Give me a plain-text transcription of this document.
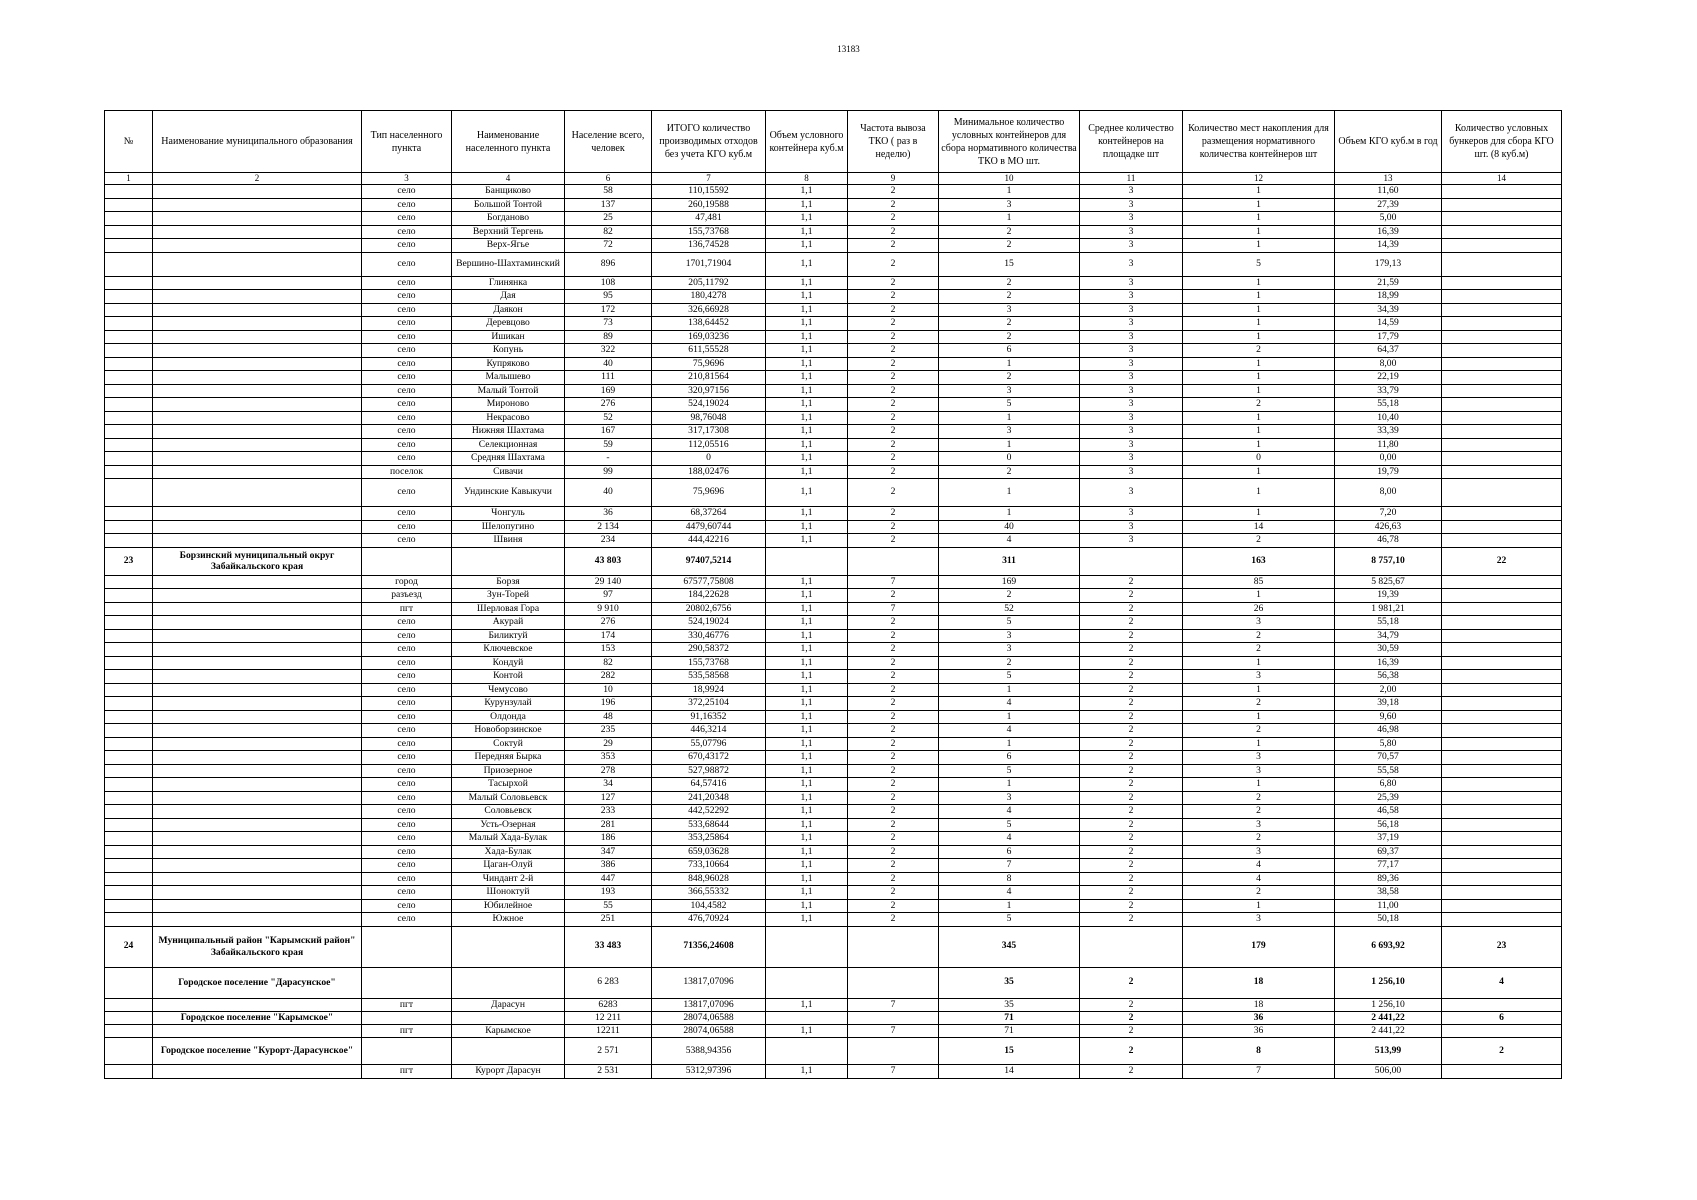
13183
№	Наименование муниципального образования	Тип населенного пункта	Наименование населенного пункта	Население всего, человек	ИТОГО количество производимых отходов без учета КГО куб.м	Объем условного контейнера куб.м	Частота вывоза ТКО ( раз в неделю)	Минимальное количество условных контейнеров для сбора нормативного количества ТКО в МО шт.	Среднее количество контейнеров на площадке шт	Количество мест накопления для размещения нормативного количества контейнеров шт	Объем КГО куб.м в год	Количество условных бункеров для сбора КГО шт. (8 куб.м)
1	2	3	4	6	7	8	9	10	11	12	13	14
		село	Банщиково	58	110,15592	1,1	2	1	3	1	11,60	
		село	Большой Тонтой	137	260,19588	1,1	2	3	3	1	27,39	
		село	Богданово	25	47,481	1,1	2	1	3	1	5,00	
		село	Верхний Тергень	82	155,73768	1,1	2	2	3	1	16,39	
		село	Верх-Ягье	72	136,74528	1,1	2	2	3	1	14,39	
		село	Вершино-Шахтаминский	896	1701,71904	1,1	2	15	3	5	179,13	
		село	Глинянка	108	205,11792	1,1	2	2	3	1	21,59	
		село	Дая	95	180,4278	1,1	2	2	3	1	18,99	
		село	Даякон	172	326,66928	1,1	2	3	3	1	34,39	
		село	Деревцово	73	138,64452	1,1	2	2	3	1	14,59	
		село	Ишикан	89	169,03236	1,1	2	2	3	1	17,79	
		село	Копунь	322	611,55528	1,1	2	6	3	2	64,37	
		село	Купряково	40	75,9696	1,1	2	1	3	1	8,00	
		село	Малышево	111	210,81564	1,1	2	2	3	1	22,19	
		село	Малый Тонтой	169	320,97156	1,1	2	3	3	1	33,79	
		село	Мироново	276	524,19024	1,1	2	5	3	2	55,18	
		село	Некрасово	52	98,76048	1,1	2	1	3	1	10,40	
		село	Нижняя Шахтама	167	317,17308	1,1	2	3	3	1	33,39	
		село	Селекционная	59	112,05516	1,1	2	1	3	1	11,80	
		село	Средняя Шахтама	-	0	1,1	2	0	3	0	0,00	
		поселок	Сивачи	99	188,02476	1,1	2	2	3	1	19,79	
		село	Ундинские Кавыкучи	40	75,9696	1,1	2	1	3	1	8,00	
		село	Чонгуль	36	68,37264	1,1	2	1	3	1	7,20	
		село	Шелопугино	2 134	4479,60744	1,1	2	40	3	14	426,63	
		село	Швиня	234	444,42216	1,1	2	4	3	2	46,78	
23	Борзинский муниципальный округ Забайкальского края			43 803	97407,5214			311		163	8 757,10	22
		город	Борзя	29 140	67577,75808	1,1	7	169	2	85	5 825,67	
		разъезд	Зун-Торей	97	184,22628	1,1	2	2	2	1	19,39	
		пгт	Шерловая Гора	9 910	20802,6756	1,1	7	52	2	26	1 981,21	
		село	Акурай	276	524,19024	1,1	2	5	2	3	55,18	
		село	Биликтуй	174	330,46776	1,1	2	3	2	2	34,79	
		село	Ключевское	153	290,58372	1,1	2	3	2	2	30,59	
		село	Кондуй	82	155,73768	1,1	2	2	2	1	16,39	
		село	Контой	282	535,58568	1,1	2	5	2	3	56,38	
		село	Чемусово	10	18,9924	1,1	2	1	2	1	2,00	
		село	Курунзулай	196	372,25104	1,1	2	4	2	2	39,18	
		село	Олдонда	48	91,16352	1,1	2	1	2	1	9,60	
		село	Новоборзинское	235	446,3214	1,1	2	4	2	2	46,98	
		село	Соктуй	29	55,07796	1,1	2	1	2	1	5,80	
		село	Передняя Бырка	353	670,43172	1,1	2	6	2	3	70,57	
		село	Приозерное	278	527,98872	1,1	2	5	2	3	55,58	
		село	Тасырхой	34	64,57416	1,1	2	1	2	1	6,80	
		село	Малый Соловьевск	127	241,20348	1,1	2	3	2	2	25,39	
		село	Соловьевск	233	442,52292	1,1	2	4	2	2	46,58	
		село	Усть-Озерная	281	533,68644	1,1	2	5	2	3	56,18	
		село	Малый Хада-Булак	186	353,25864	1,1	2	4	2	2	37,19	
		село	Хада-Булак	347	659,03628	1,1	2	6	2	3	69,37	
		село	Цаган-Олуй	386	733,10664	1,1	2	7	2	4	77,17	
		село	Чиндант 2-й	447	848,96028	1,1	2	8	2	4	89,36	
		село	Шоноктуй	193	366,55332	1,1	2	4	2	2	38,58	
		село	Юбилейное	55	104,4582	1,1	2	1	2	1	11,00	
		село	Южное	251	476,70924	1,1	2	5	2	3	50,18	
24	Муниципальный район "Карымский район" Забайкальского края			33 483	71356,24608			345		179	6 693,92	23
	Городское поселение "Дарасунское"			6 283	13817,07096			35	2	18	1 256,10	4
		пгт	Дарасун	6283	13817,07096	1,1	7	35	2	18	1 256,10	
	Городское поселение "Карымское"			12 211	28074,06588			71	2	36	2 441,22	6
		пгт	Карымское	12211	28074,06588	1,1	7	71	2	36	2 441,22	
	Городское поселение "Курорт-Дарасунское"			2 571	5388,94356			15	2	8	513,99	2
		пгт	Курорт Дарасун	2 531	5312,97396	1,1	7	14	2	7	506,00	
